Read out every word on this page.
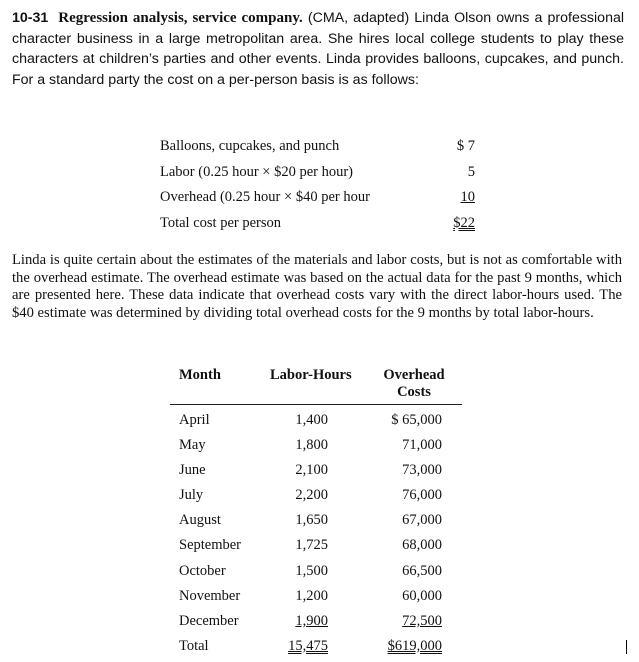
10-31 Regression analysis, service company. (CMA, adapted) Linda Olson owns a professional character business in a large metropolitan area. She hires local college students to play these characters at children’s parties and other events. Linda provides balloons, cupcakes, and punch. For a standard party the cost on a per-person basis is as follows:

Balloons, cupcakes, and punch	$ 7
Labor (0.25 hour × $20 per hour)	5
Overhead (0.25 hour × $40 per hour	10
Total cost per person	$22

Linda is quite certain about the estimates of the materials and labor costs, but is not as comfortable with the overhead estimate. The overhead estimate was based on the actual data for the past 9 months, which are presented here. These data indicate that overhead costs vary with the direct labor-hours used. The $40 estimate was determined by dividing total overhead costs for the 9 months by total labor-hours.

Month	Labor-Hours	Overhead
Costs
April	1,400	$ 65,000
May	1,800	71,000
June	2,100	73,000
July	2,200	76,000
August	1,650	67,000
September	1,725	68,000
October	1,500	66,500
November	1,200	60,000
December	1,900	72,500
Total	15,475	$619,000
